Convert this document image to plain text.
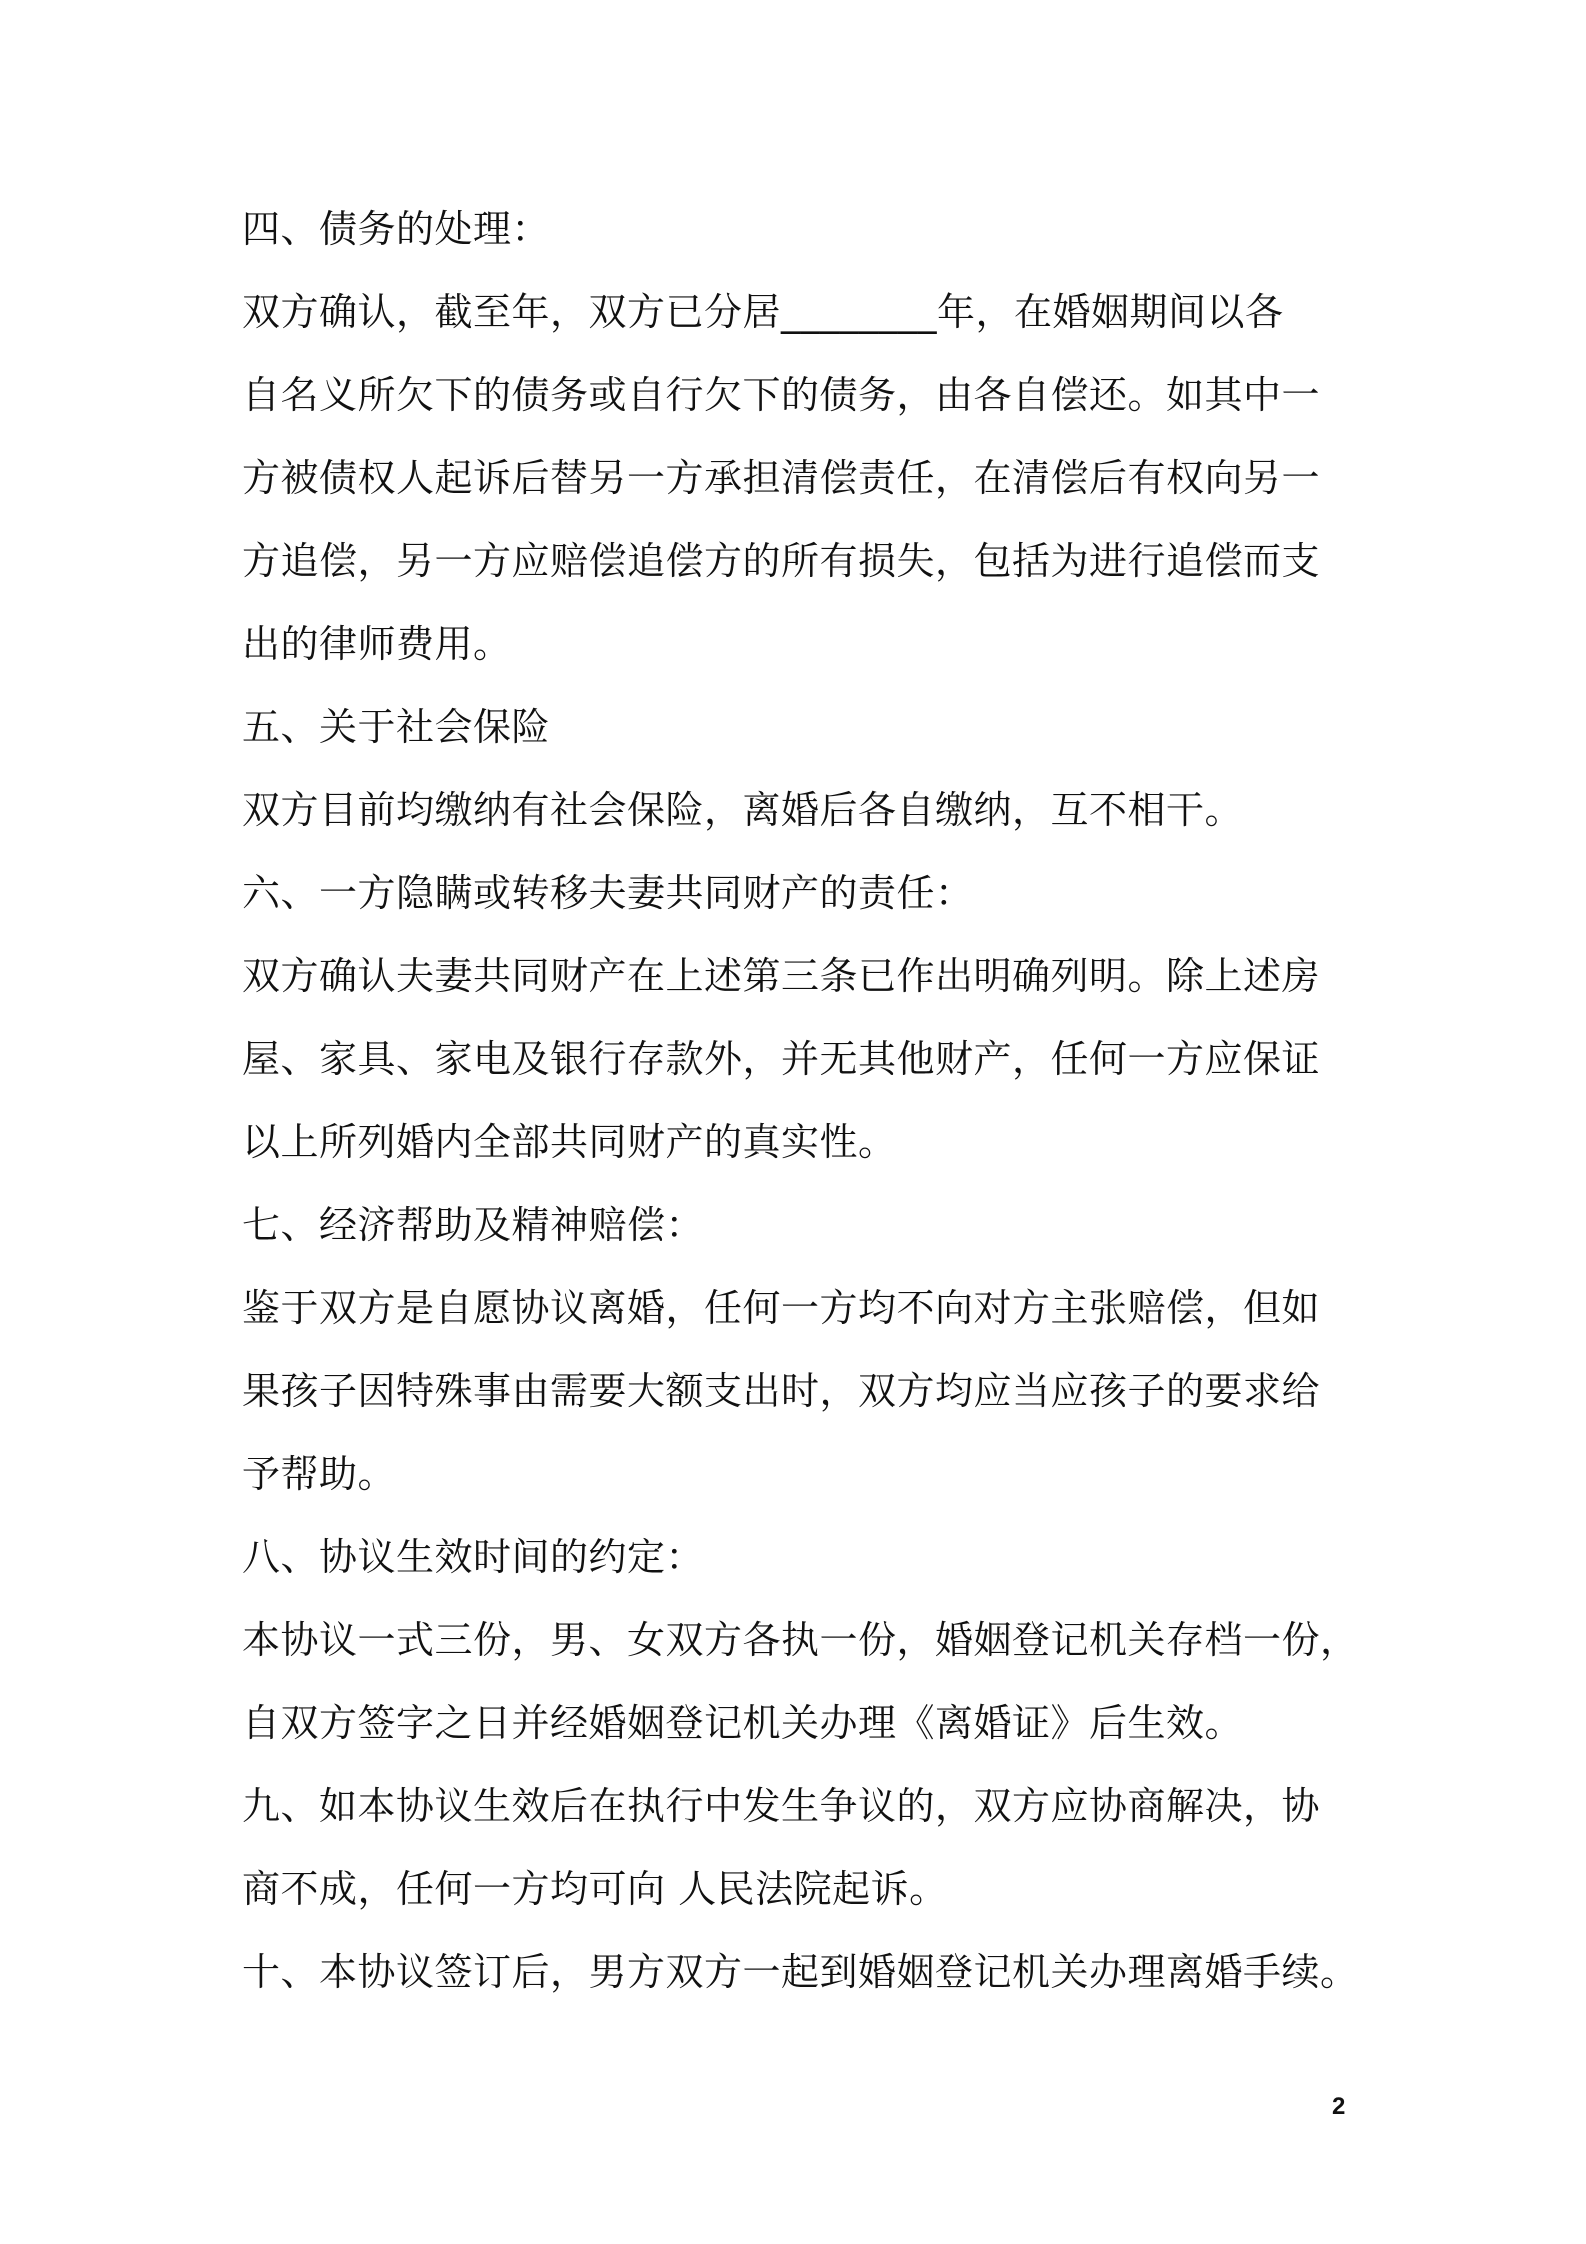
四、债务的处理：
双方确认，截至年，双方已分居________年，在婚姻期间以各
自名义所欠下的债务或自行欠下的债务，由各自偿还。如其中一
方被债权人起诉后替另一方承担清偿责任，在清偿后有权向另一
方追偿，另一方应赔偿追偿方的所有损失，包括为进行追偿而支
出的律师费用。
五、关于社会保险
双方目前均缴纳有社会保险，离婚后各自缴纳，互不相干。
六、一方隐瞒或转移夫妻共同财产的责任：
双方确认夫妻共同财产在上述第三条已作出明确列明。除上述房
屋、家具、家电及银行存款外，并无其他财产，任何一方应保证
以上所列婚内全部共同财产的真实性。
七、经济帮助及精神赔偿：
鉴于双方是自愿协议离婚，任何一方均不向对方主张赔偿，但如
果孩子因特殊事由需要大额支出时，双方均应当应孩子的要求给
予帮助。
八、协议生效时间的约定：
本协议一式三份，男、女双方各执一份，婚姻登记机关存档一份，
自双方签字之日并经婚姻登记机关办理《离婚证》后生效。
九、如本协议生效后在执行中发生争议的，双方应协商解决，协
商不成，任何一方均可向 人民法院起诉。
十、本协议签订后，男方双方一起到婚姻登记机关办理离婚手续。
2
